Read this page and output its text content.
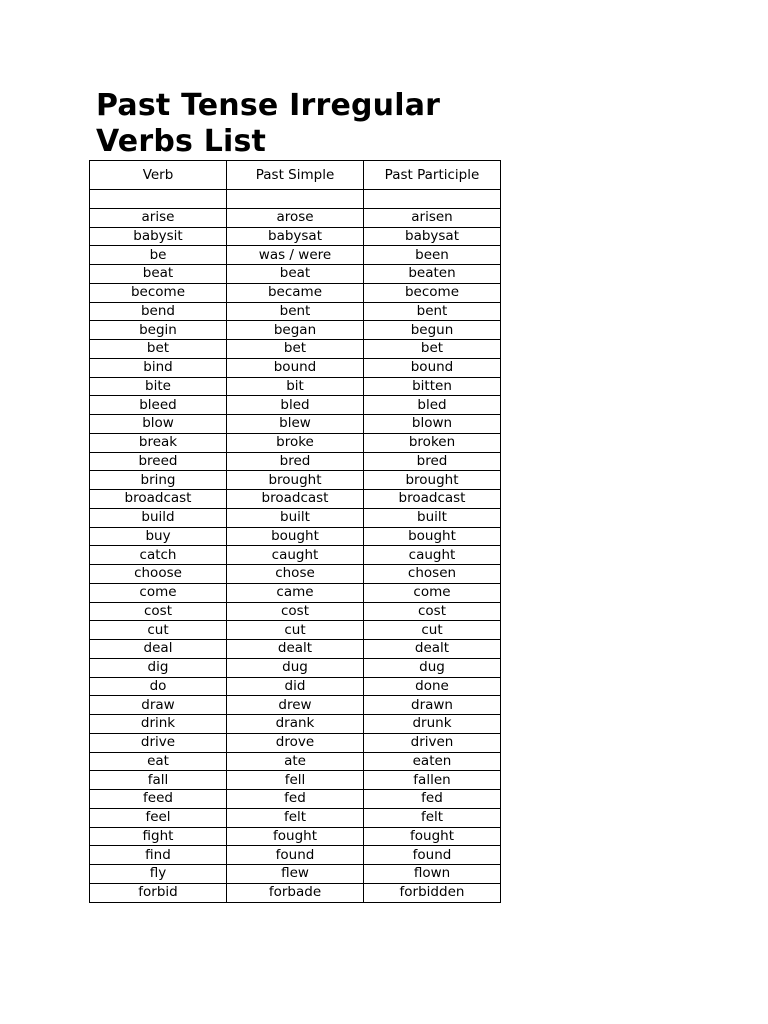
Past Tense Irregular Verbs List
Verb	Past Simple	Past Participle

arise	arose	arisen
babysit	babysat	babysat
be	was / were	been
beat	beat	beaten
become	became	become
bend	bent	bent
begin	began	begun
bet	bet	bet
bind	bound	bound
bite	bit	bitten
bleed	bled	bled
blow	blew	blown
break	broke	broken
breed	bred	bred
bring	brought	brought
broadcast	broadcast	broadcast
build	built	built
buy	bought	bought
catch	caught	caught
choose	chose	chosen
come	came	come
cost	cost	cost
cut	cut	cut
deal	dealt	dealt
dig	dug	dug
do	did	done
draw	drew	drawn
drink	drank	drunk
drive	drove	driven
eat	ate	eaten
fall	fell	fallen
feed	fed	fed
feel	felt	felt
fight	fought	fought
find	found	found
fly	flew	flown
forbid	forbade	forbidden
